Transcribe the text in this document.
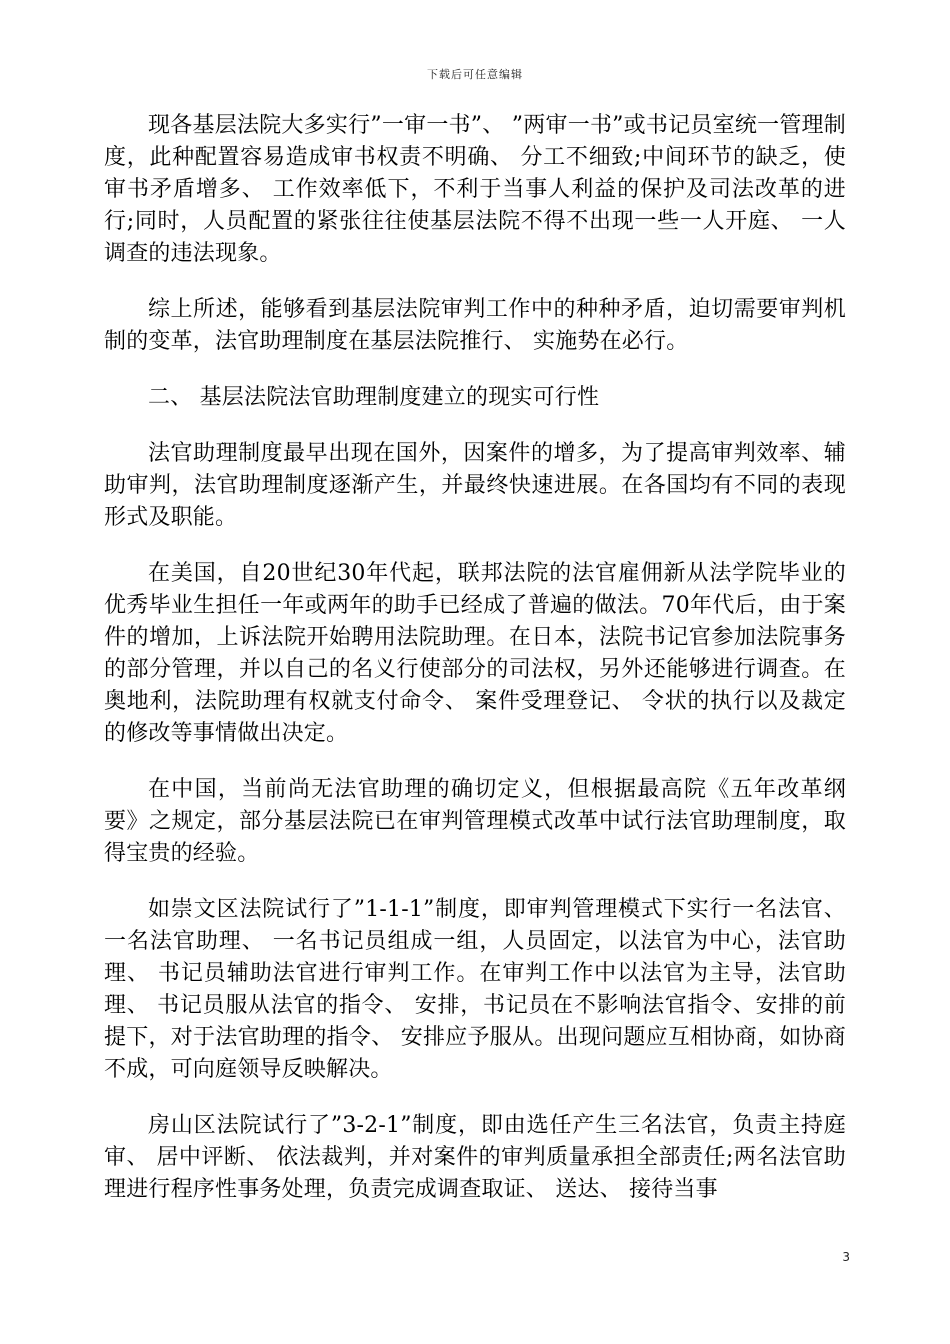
下载后可任意编辑

现各基层法院大多实行”一审一书”、 ”两审一书”或书记员室统一管理制度，此种配置容易造成审书权责不明确、 分工不细致;中间环节的缺乏，使审书矛盾增多、 工作效率低下，不利于当事人利益的保护及司法改革的进行;同时，人员配置的紧张往往使基层法院不得不出现一些一人开庭、 一人调查的违法现象。

综上所述，能够看到基层法院审判工作中的种种矛盾，迫切需要审判机制的变革，法官助理制度在基层法院推行、 实施势在必行。

二、 基层法院法官助理制度建立的现实可行性

法官助理制度最早出现在国外，因案件的增多，为了提高审判效率、辅助审判，法官助理制度逐渐产生，并最终快速进展。在各国均有不同的表现形式及职能。

在美国，自20世纪30年代起，联邦法院的法官雇佣新从法学院毕业的优秀毕业生担任一年或两年的助手已经成了普遍的做法。70年代后，由于案件的增加，上诉法院开始聘用法院助理。在日本，法院书记官参加法院事务的部分管理，并以自己的名义行使部分的司法权，另外还能够进行调查。在奥地利，法院助理有权就支付命令、 案件受理登记、 令状的执行以及裁定的修改等事情做出决定。

在中国，当前尚无法官助理的确切定义，但根据最高院《五年改革纲要》之规定，部分基层法院已在审判管理模式改革中试行法官助理制度，取得宝贵的经验。

如崇文区法院试行了”1-1-1”制度，即审判管理模式下实行一名法官、 一名法官助理、 一名书记员组成一组，人员固定，以法官为中心，法官助理、 书记员辅助法官进行审判工作。在审判工作中以法官为主导，法官助理、 书记员服从法官的指令、 安排，书记员在不影响法官指令、安排的前提下，对于法官助理的指令、 安排应予服从。出现问题应互相协商，如协商不成，可向庭领导反映解决。

房山区法院试行了”3-2-1”制度，即由选任产生三名法官，负责主持庭审、 居中评断、 依法裁判，并对案件的审判质量承担全部责任;两名法官助理进行程序性事务处理，负责完成调查取证、 送达、 接待当事

3
